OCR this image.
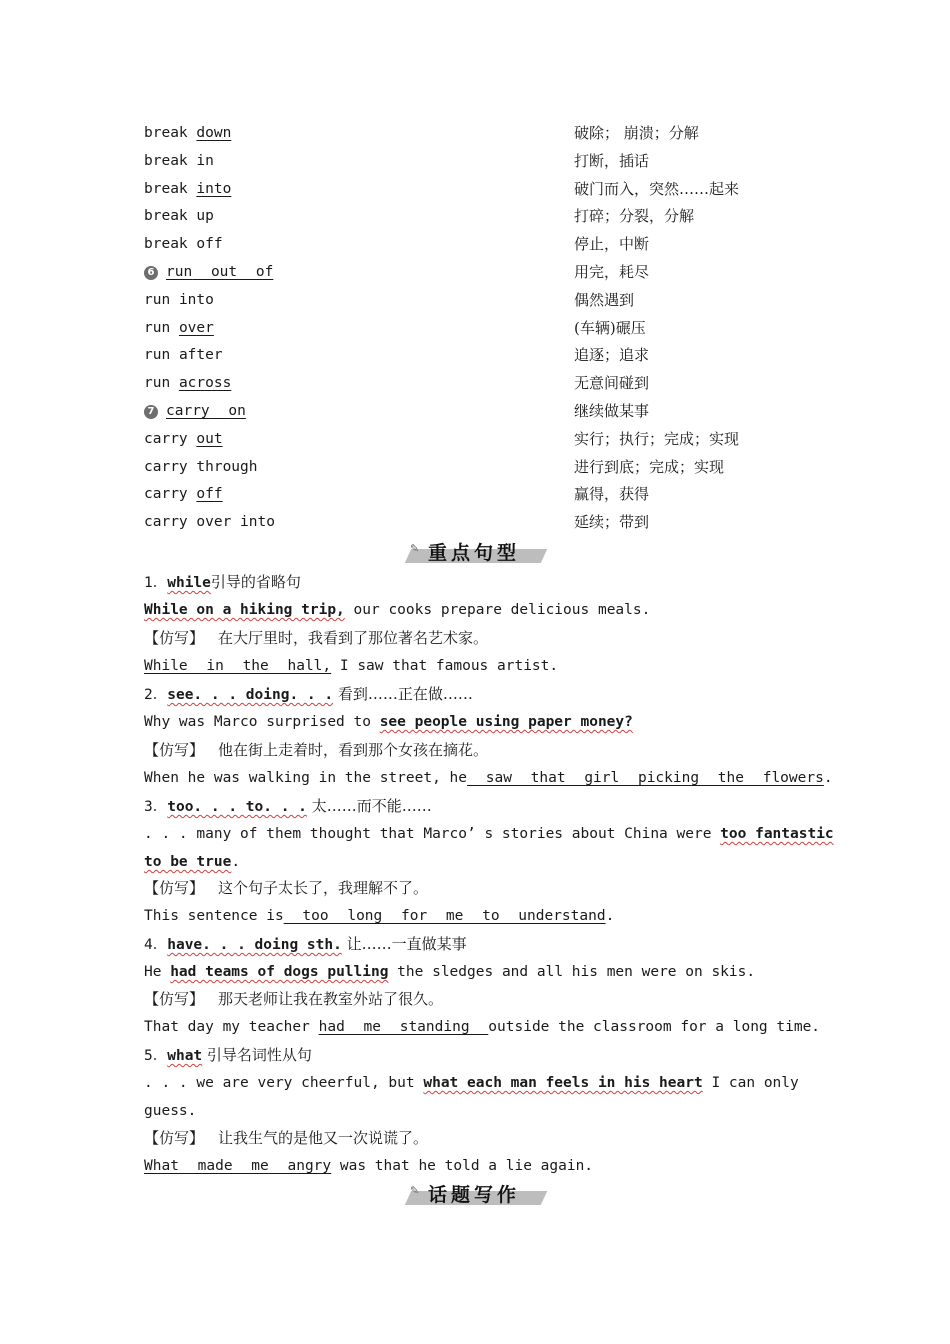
break down	破除； 崩溃；分解
break in	打断，插话
break into	破门而入，突然……起来
break up	打碎；分裂，分解
break off	停止，中断
6 run out of	用完，耗尽
run into	偶然遇到
run over	(车辆)碾压
run after	追逐；追求
run across	无意间碰到
7 carry on	继续做某事
carry out	实行；执行；完成；实现
carry through	进行到底；完成；实现
carry off	赢得，获得
carry over into	延续；带到
✎ 重点句型
1．while引导的省略句
While on a hiking trip, our cooks prepare delicious meals.
【仿写】 在大厅里时，我看到了那位著名艺术家。
While in the hall, I saw that famous artist.
2．see. . . doing. . . 看到……正在做……
Why was Marco surprised to see people using paper money?
【仿写】 他在街上走着时，看到那个女孩在摘花。
When he was walking in the street, he saw that girl picking the flowers.
3．too. . . to. . . 太……而不能……
. . . many of them thought that Marco’ s stories about China were too fantastic
to be true.
【仿写】 这个句子太长了，我理解不了。
This sentence is too long for me to understand.
4．have. . . doing sth. 让……一直做某事
He had teams of dogs pulling the sledges and all his men were on skis.
【仿写】 那天老师让我在教室外站了很久。
That day my teacher had me standing outside the classroom for a long time.
5．what 引导名词性从句
. . . we are very cheerful, but what each man feels in his heart I can only
guess.
【仿写】 让我生气的是他又一次说谎了。
What made me angry was that he told a lie again.
✎ 话题写作
